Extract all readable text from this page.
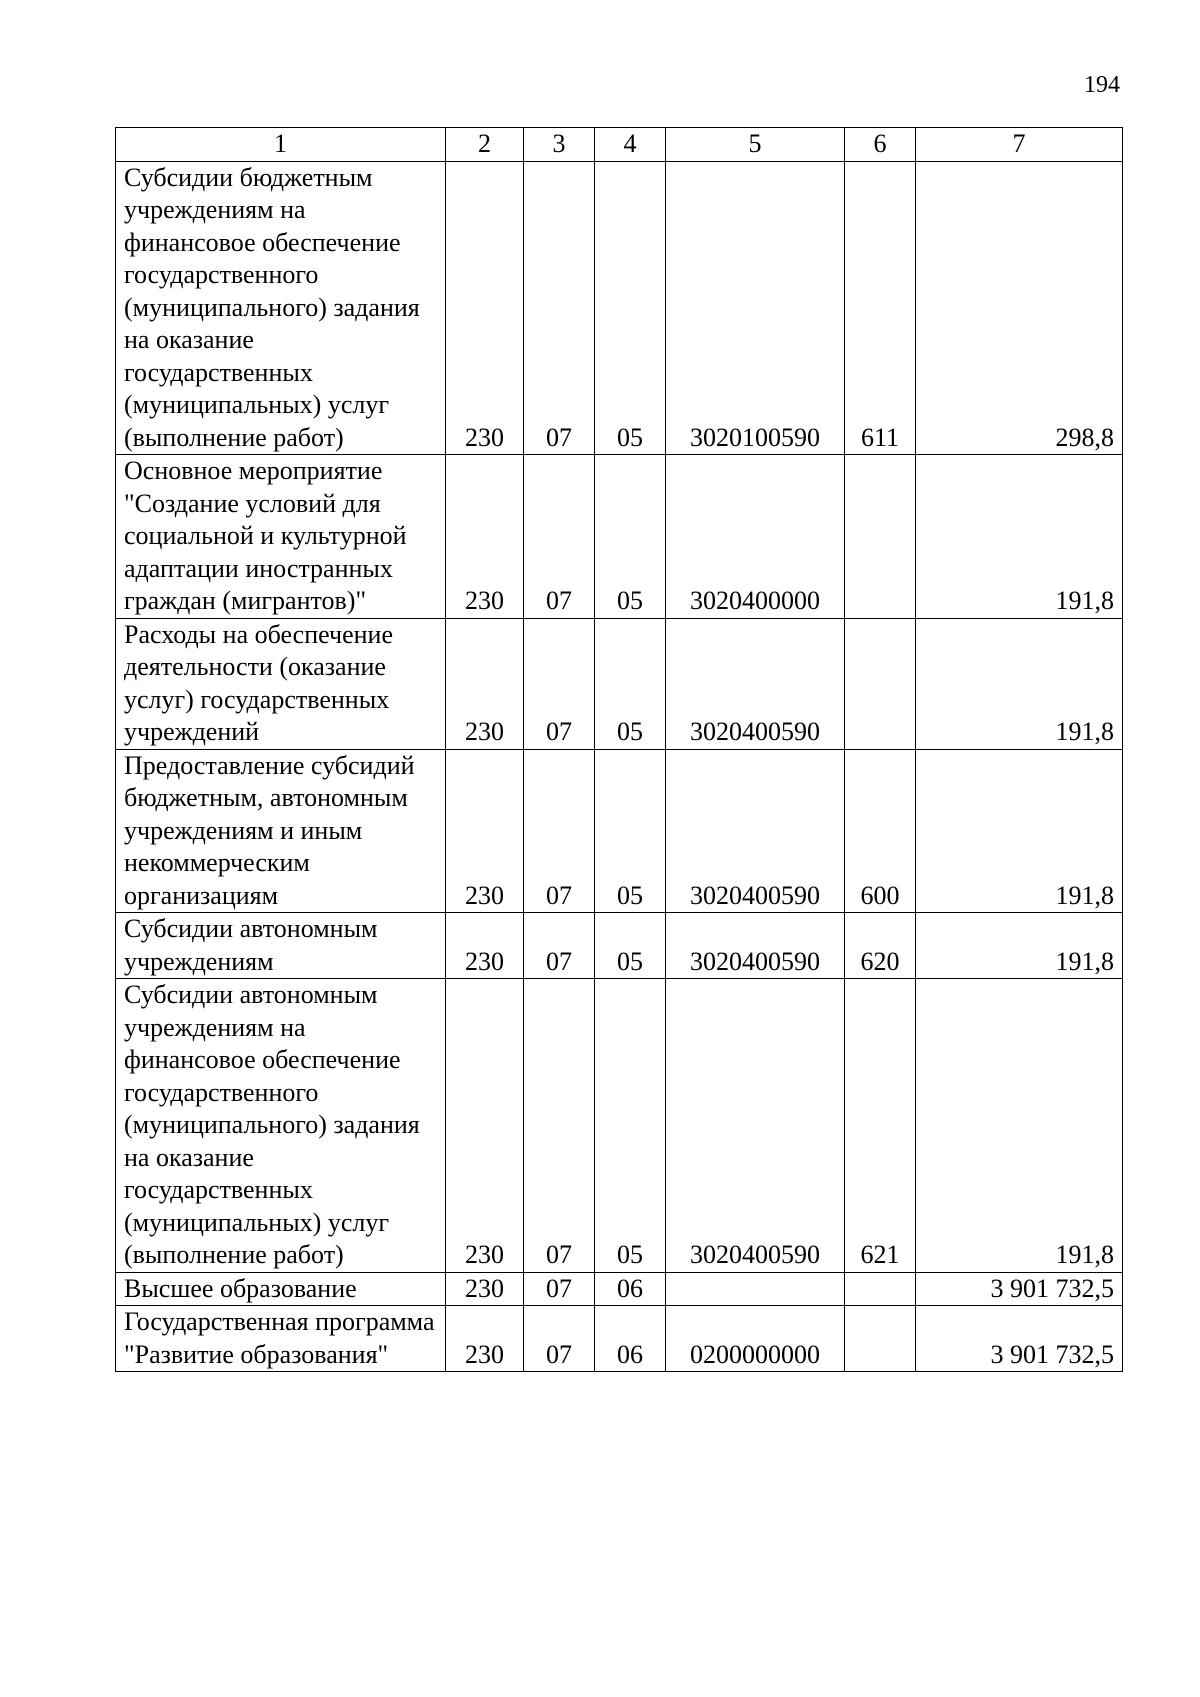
194
1	2	3	4	5	6	7

Субсидии бюджетным учреждениям на финансовое обеспечение государственного (муниципального) задания на оказание государственных (муниципальных) услуг (выполнение работ)	230	07	05	3020100590	611	298,8

Основное мероприятие "Создание условий для социальной и культурной адаптации иностранных граждан (мигрантов)"	230	07	05	3020400000		191,8

Расходы на обеспечение деятельности (оказание услуг) государственных учреждений	230	07	05	3020400590		191,8

Предоставление субсидий бюджетным, автономным учреждениям и иным некоммерческим организациям	230	07	05	3020400590	600	191,8

Субсидии автономным учреждениям	230	07	05	3020400590	620	191,8

Субсидии автономным учреждениям на финансовое обеспечение государственного (муниципального) задания на оказание государственных (муниципальных) услуг (выполнение работ)	230	07	05	3020400590	621	191,8

Высшее образование	230	07	06			3 901 732,5

Государственная программа "Развитие образования"	230	07	06	0200000000		3 901 732,5
